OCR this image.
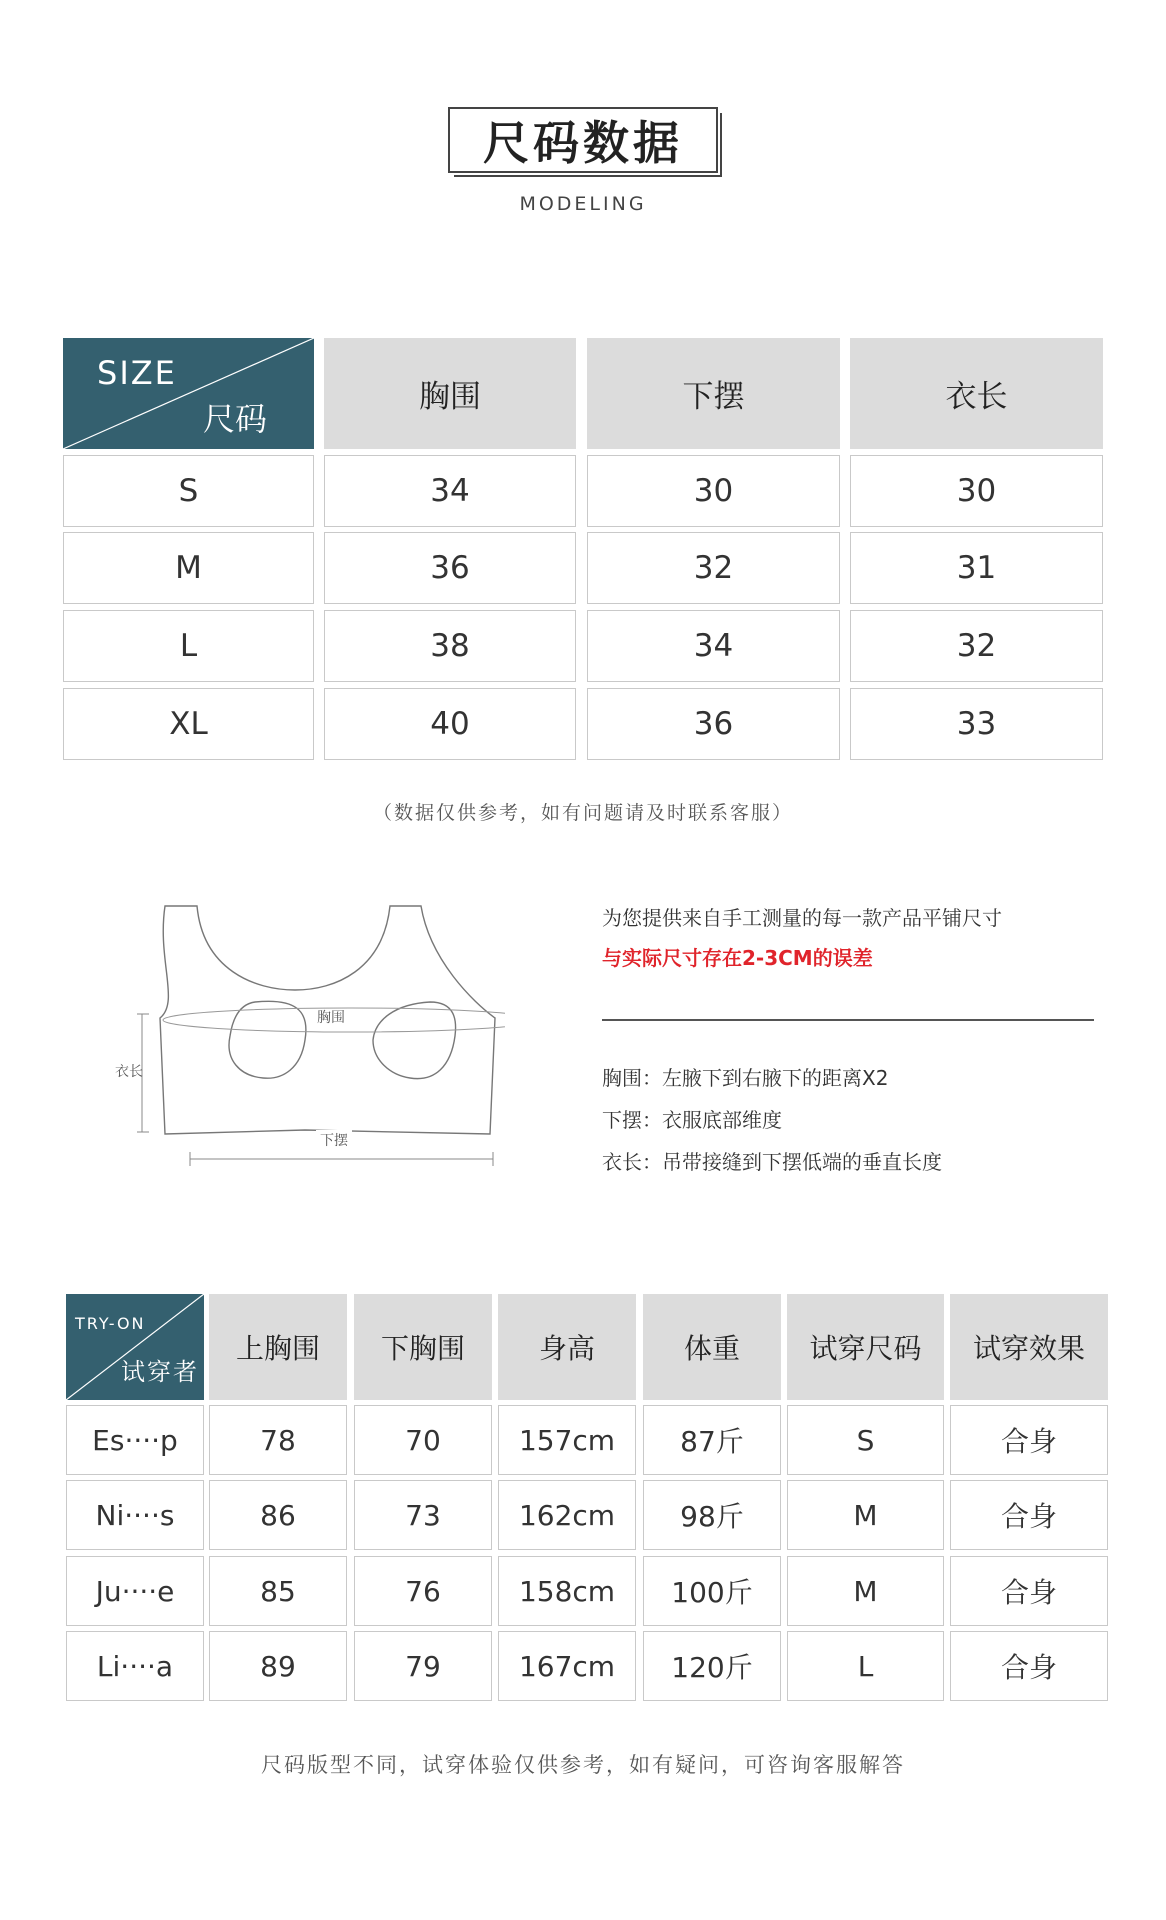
尺码数据
MODELING
SIZE
尺码
胸围	下摆	衣长
S	34	30	30
M	36	32	31
L	38	34	32
XL	40	36	33
（数据仅供参考，如有问题请及时联系客服）
胸围
衣长
下摆
为您提供来自手工测量的每一款产品平铺尺寸
与实际尺寸存在2-3CM的误差
胸围：左腋下到右腋下的距离X2
下摆：衣服底部维度
衣长：吊带接缝到下摆低端的垂直长度
TRY-ON
试穿者
上胸围	下胸围	身高	体重	试穿尺码	试穿效果
Es····p	78	70	157cm	87斤	S	合身
Ni····s	86	73	162cm	98斤	M	合身
Ju····e	85	76	158cm	100斤	M	合身
Li····a	89	79	167cm	120斤	L	合身
尺码版型不同，试穿体验仅供参考，如有疑问，可咨询客服解答
